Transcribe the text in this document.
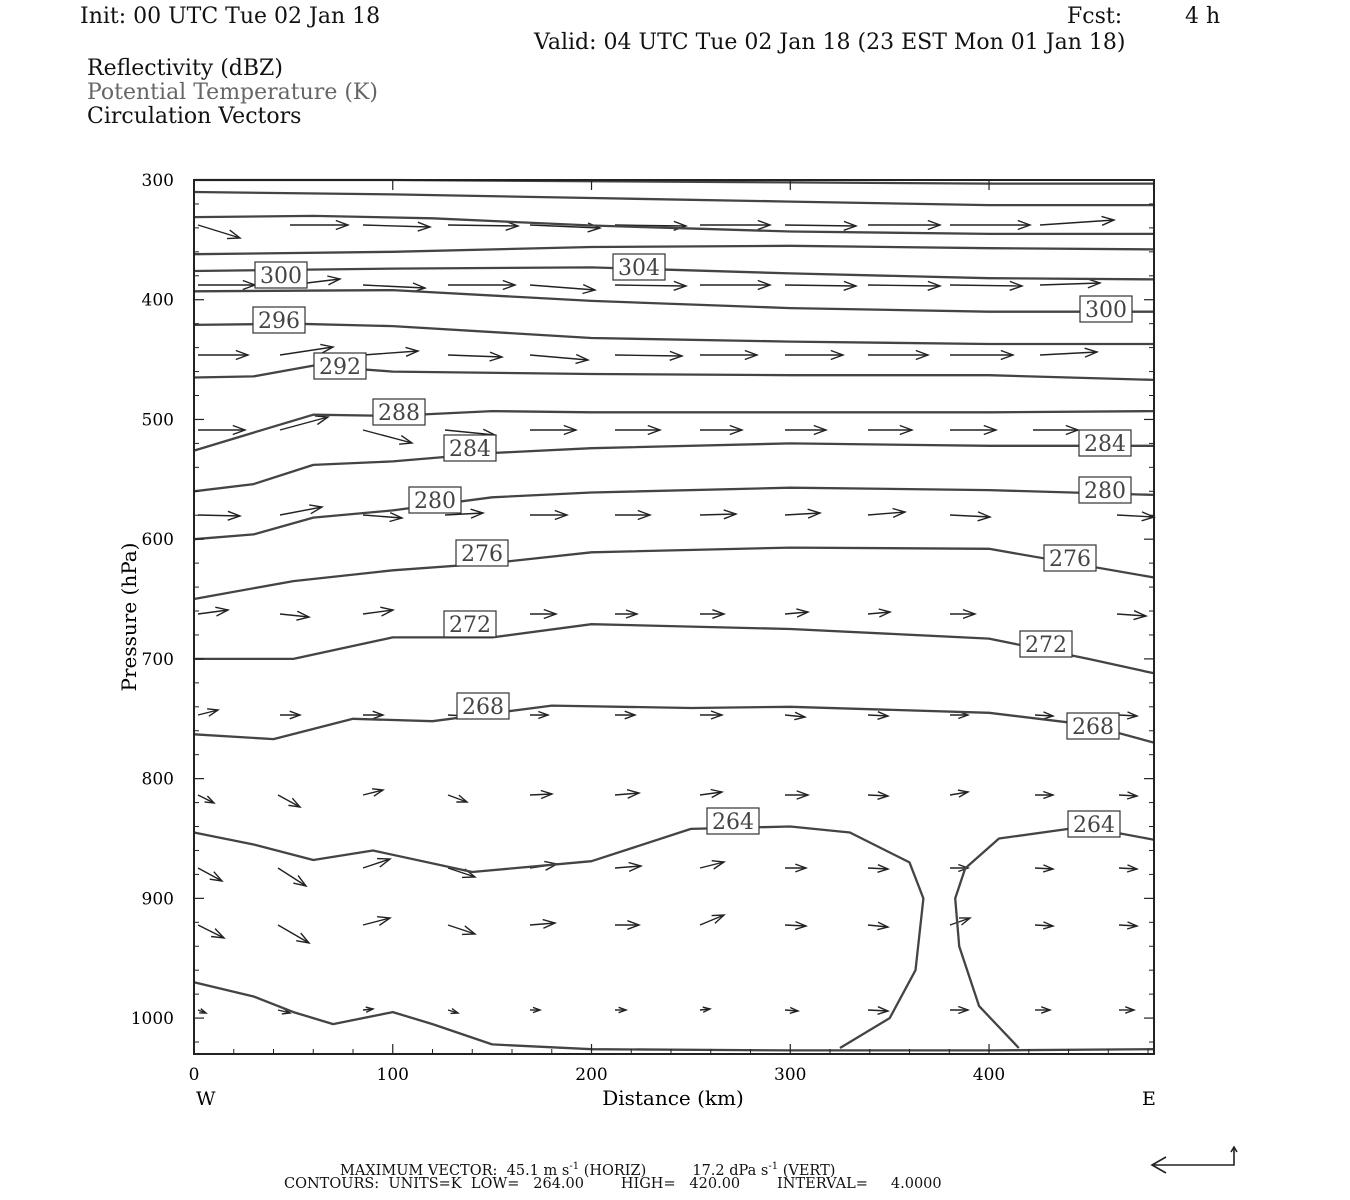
Init: 00 UTC Tue 02 Jan 18	Fcst:	4 h
Valid: 04 UTC Tue 02 Jan 18 (23 EST Mon 01 Jan 18)
Reflectivity (dBZ)
Potential Temperature (K)
Circulation Vectors
0	100	200	300	400
300
400
500
600
700
800
900
1000
300
296
292
288
284
280
276
272
268
264
304
300
284
280
276
272
268
264
Distance (km)
Pressure (hPa)
W	E
MAXIMUM VECTOR: 45.1 m $s^{-1}$ (HORIZ)	17.2 dPa $s^{-1}$ (VERT)
CONTOURS:  UNITS=K  LOW=   264.00        HIGH=   420.00        INTERVAL=     4.0000
